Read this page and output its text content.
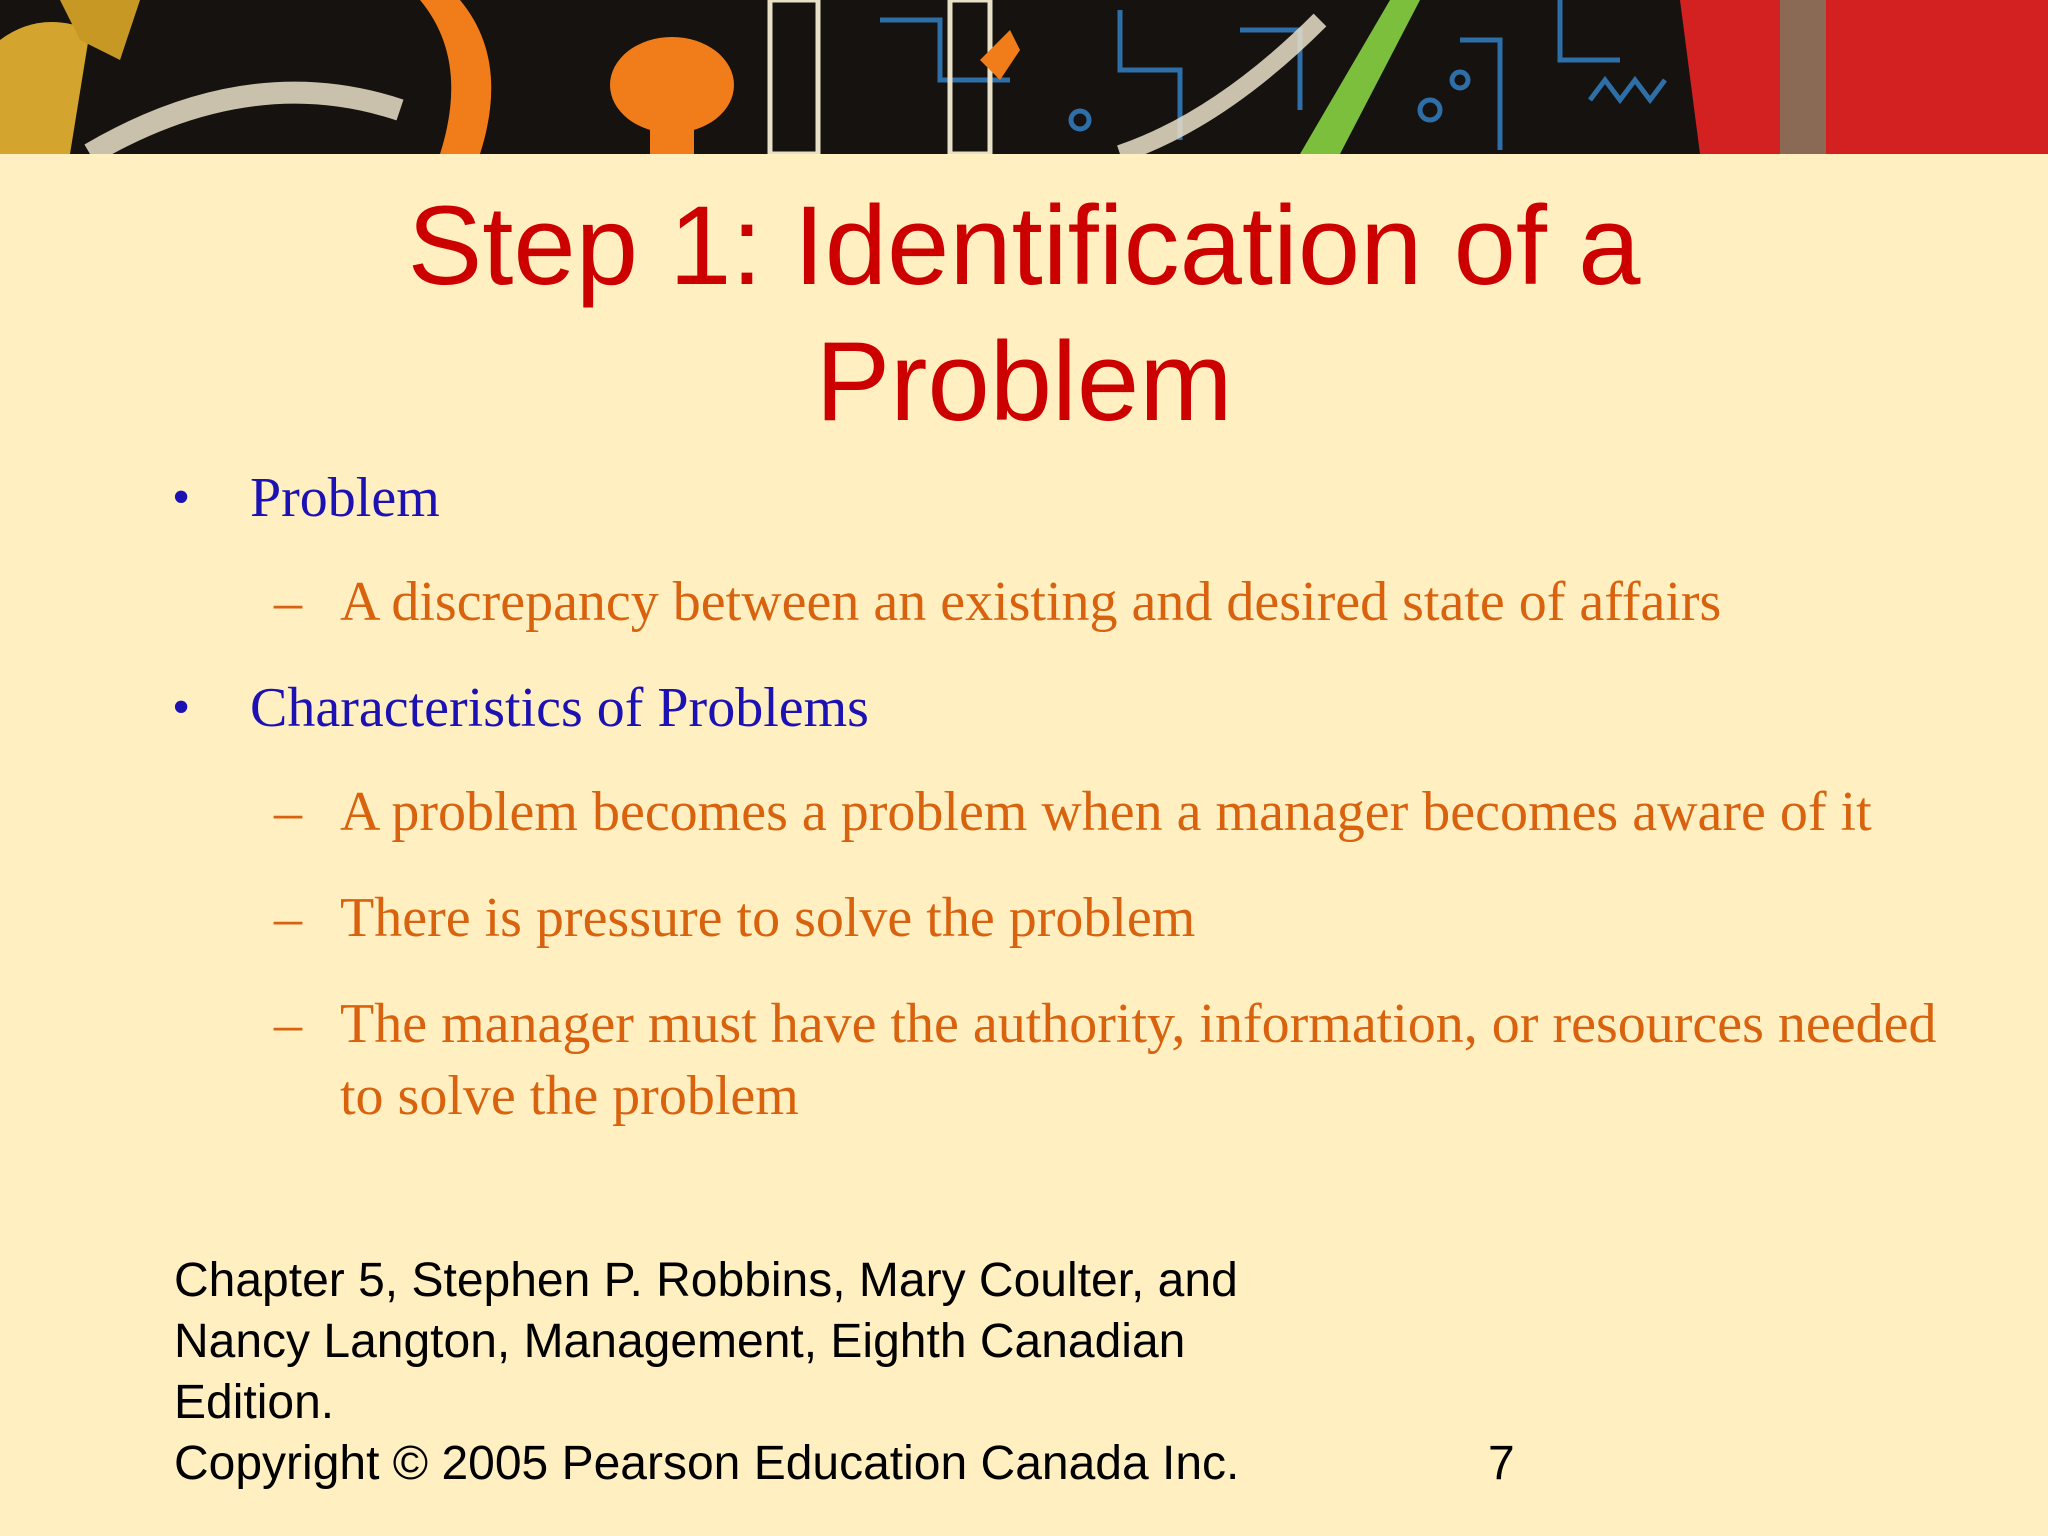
Step 1: Identification of a
Problem
• Problem
– A discrepancy between an existing and desired state of affairs
• Characteristics of Problems
– A problem becomes a problem when a manager becomes aware of it
– There is pressure to solve the problem
– The manager must have the authority, information, or resources needed to solve the problem
Chapter 5, Stephen P. Robbins, Mary Coulter, and
Nancy Langton, Management, Eighth Canadian
Edition.
Copyright © 2005 Pearson Education Canada Inc.	7
